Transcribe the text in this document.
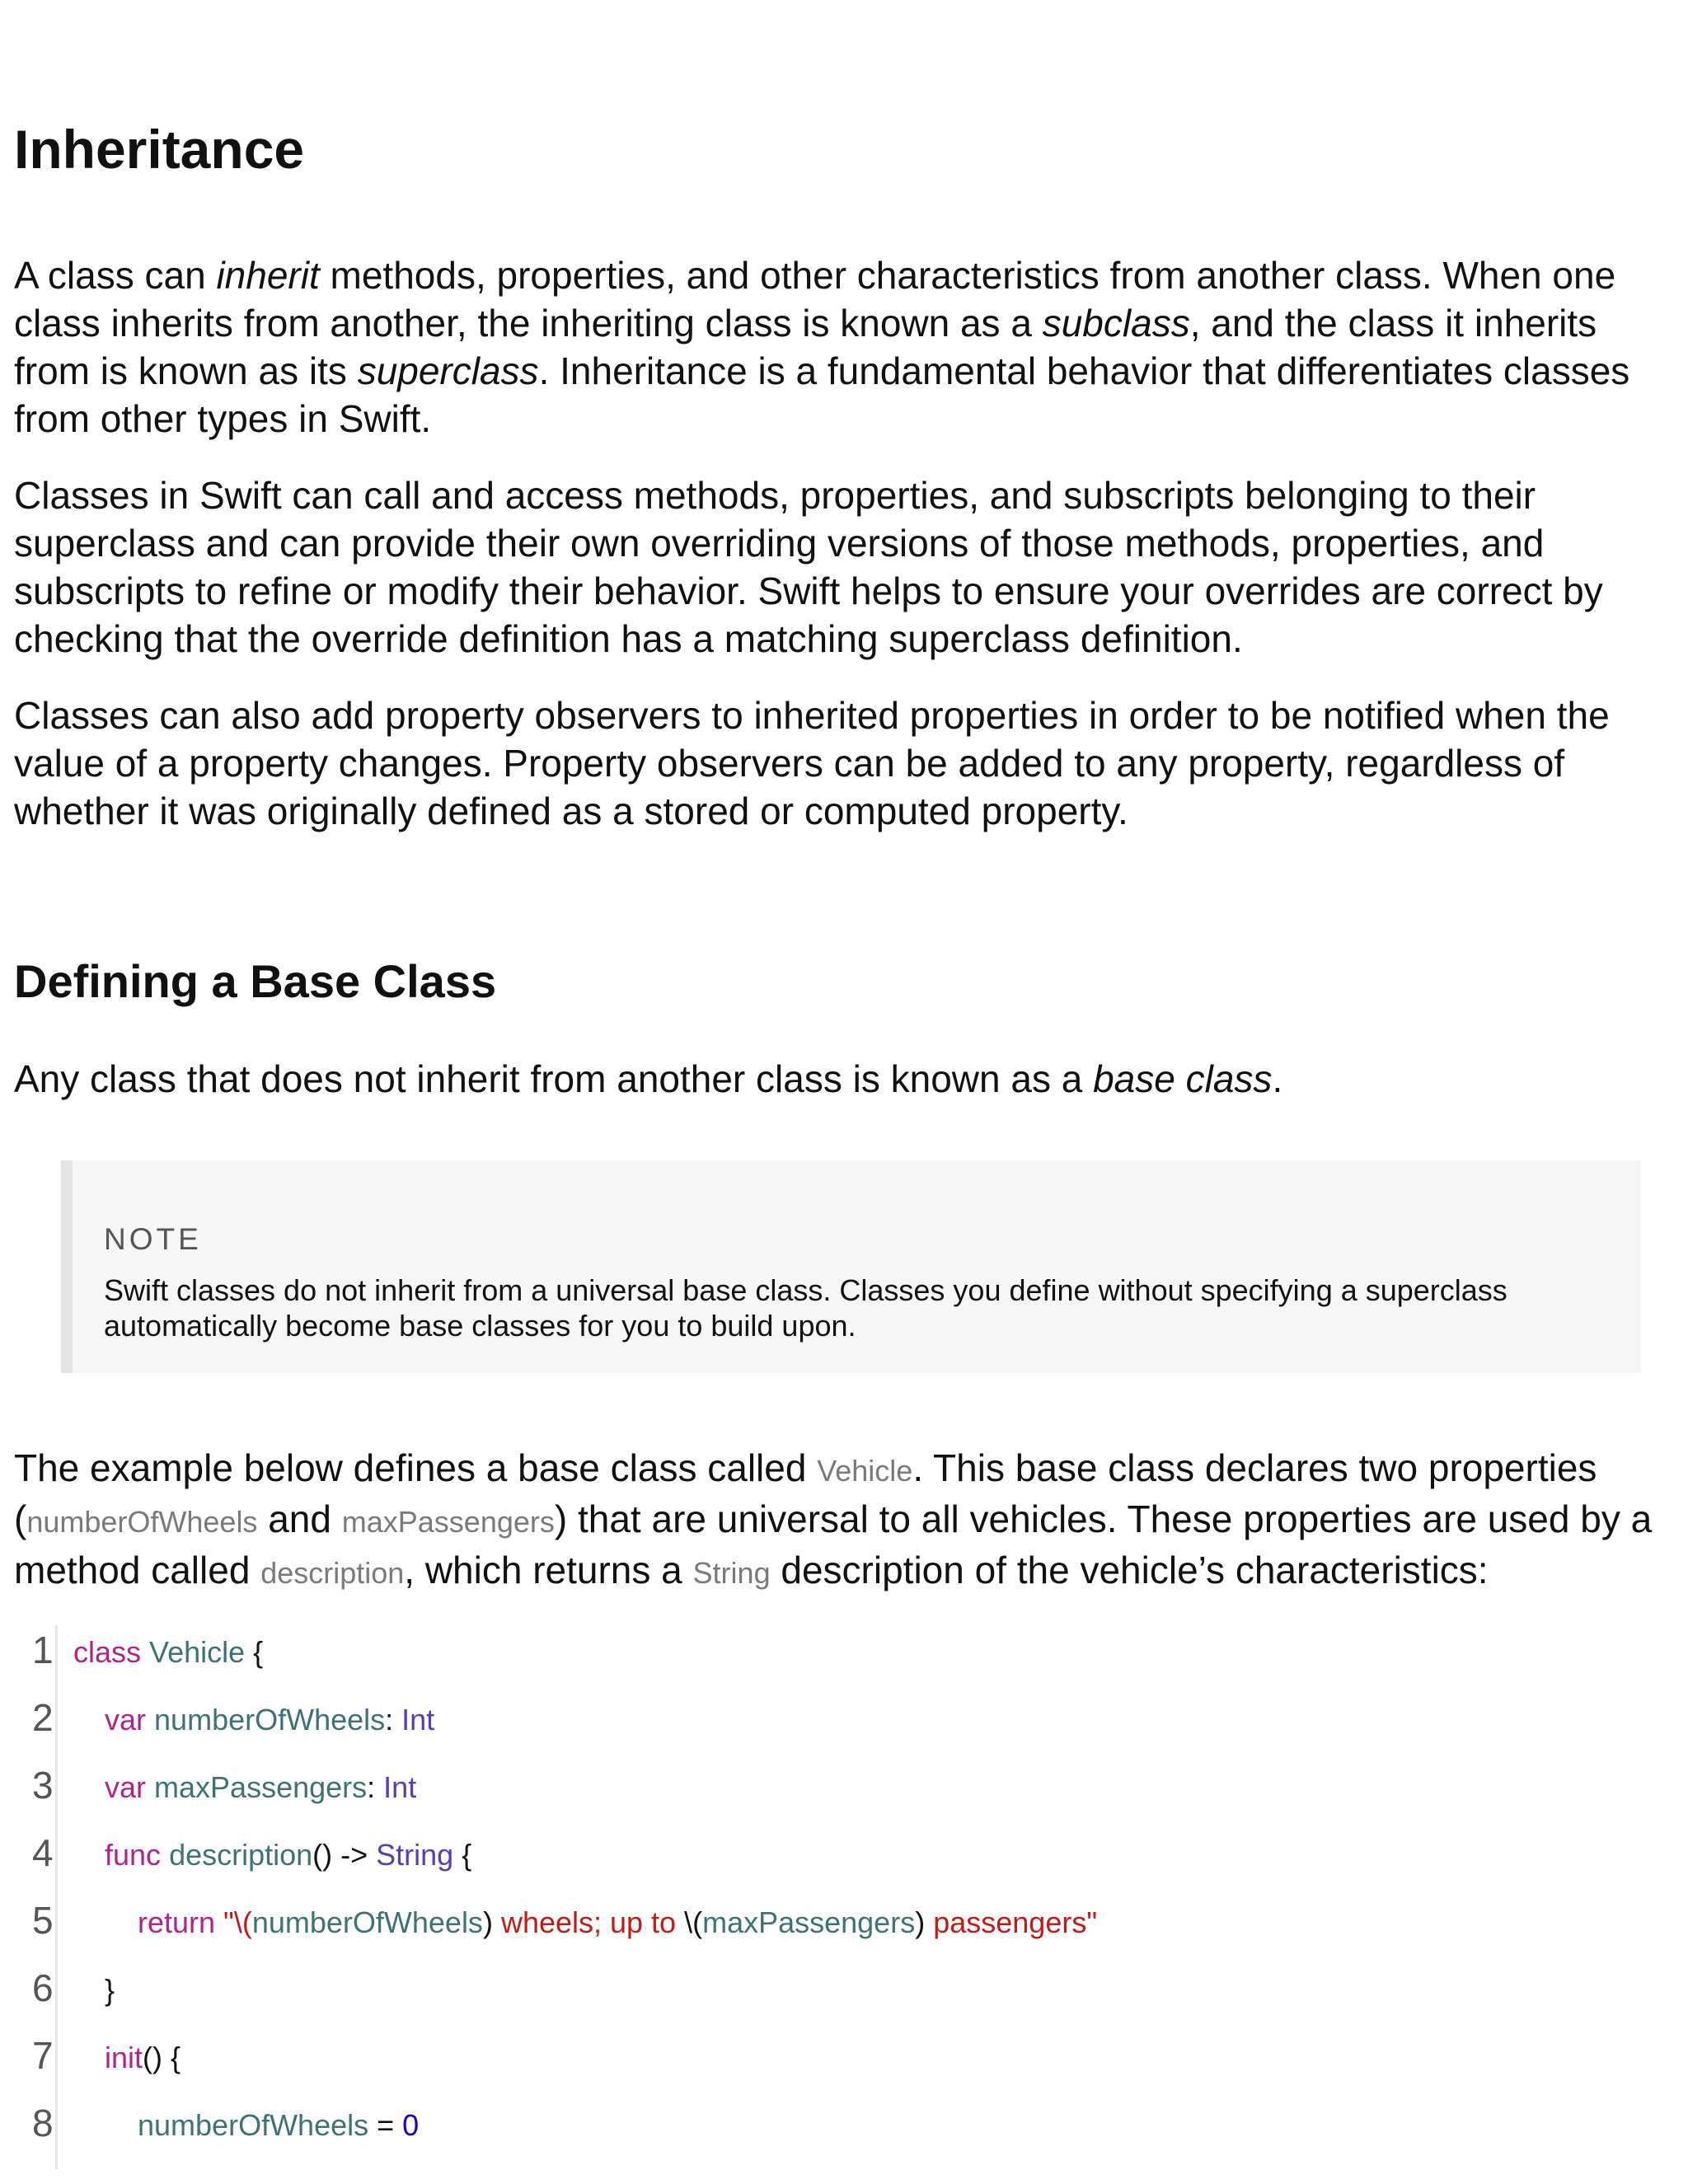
Inheritance

A class can inherit methods, properties, and other characteristics from another class. When one class inherits from another, the inheriting class is known as a subclass, and the class it inherits from is known as its superclass. Inheritance is a fundamental behavior that differentiates classes from other types in Swift.

Classes in Swift can call and access methods, properties, and subscripts belonging to their superclass and can provide their own overriding versions of those methods, properties, and subscripts to refine or modify their behavior. Swift helps to ensure your overrides are correct by checking that the override definition has a matching superclass definition.

Classes can also add property observers to inherited properties in order to be notified when the value of a property changes. Property observers can be added to any property, regardless of whether it was originally defined as a stored or computed property.

Defining a Base Class

Any class that does not inherit from another class is known as a base class.

NOTE
Swift classes do not inherit from a universal base class. Classes you define without specifying a superclass automatically become base classes for you to build upon.

The example below defines a base class called Vehicle. This base class declares two properties (numberOfWheels and maxPassengers) that are universal to all vehicles. These properties are used by a method called description, which returns a String description of the vehicle’s characteristics:

1 class Vehicle {
2 var numberOfWheels: Int
3 var maxPassengers: Int
4 func description() -> String {
5	return "\(numberOfWheels) wheels; up to \(maxPassengers) passengers"
6 }
7 init() {
8	numberOfWheels = 0
